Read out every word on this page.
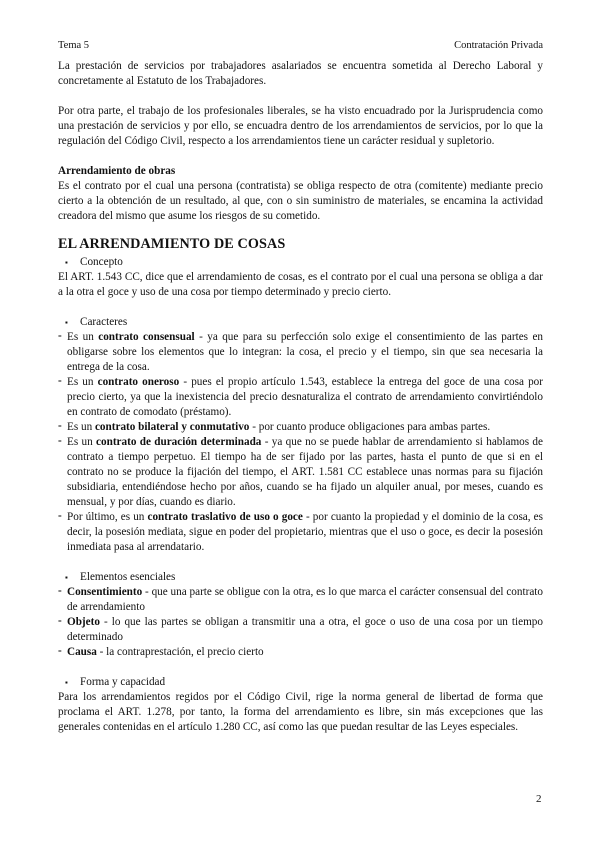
Tema 5	Contratación Privada

La prestación de servicios por trabajadores asalariados se encuentra sometida al Derecho Laboral y concretamente al Estatuto de los Trabajadores.

Por otra parte, el trabajo de los profesionales liberales, se ha visto encuadrado por la Jurisprudencia como una prestación de servicios y por ello, se encuadra dentro de los arrendamientos de servicios, por lo que la regulación del Código Civil, respecto a los arrendamientos tiene un carácter residual y supletorio.

Arrendamiento de obras

Es el contrato por el cual una persona (contratista) se obliga respecto de otra (comitente) mediante precio cierto a la obtención de un resultado, al que, con o sin suministro de materiales, se encamina la actividad creadora del mismo que asume los riesgos de su cometido.

EL ARRENDAMIENTO DE COSAS
▪ Concepto

El ART. 1.543 CC, dice que el arrendamiento de cosas, es el contrato por el cual una persona se obliga a dar a la otra el goce y uso de una cosa por tiempo determinado y precio cierto.

▪ Caracteres
- Es un contrato consensual - ya que para su perfección solo exige el consentimiento de las partes en obligarse sobre los elementos que lo integran: la cosa, el precio y el tiempo, sin que sea necesaria la entrega de la cosa.
- Es un contrato oneroso - pues el propio artículo 1.543, establece la entrega del goce de una cosa por precio cierto, ya que la inexistencia del precio desnaturaliza el contrato de arrendamiento convirtiéndolo en contrato de comodato (préstamo).
- Es un contrato bilateral y conmutativo - por cuanto produce obligaciones para ambas partes.
- Es un contrato de duración determinada - ya que no se puede hablar de arrendamiento si hablamos de contrato a tiempo perpetuo. El tiempo ha de ser fijado por las partes, hasta el punto de que si en el contrato no se produce la fijación del tiempo, el ART. 1.581 CC establece unas normas para su fijación subsidiaria, entendiéndose hecho por años, cuando se ha fijado un alquiler anual, por meses, cuando es mensual, y por días, cuando es diario.
- Por último, es un contrato traslativo de uso o goce - por cuanto la propiedad y el dominio de la cosa, es decir, la posesión mediata, sigue en poder del propietario, mientras que el uso o goce, es decir la posesión inmediata pasa al arrendatario.
▪ Elementos esenciales
- Consentimiento - que una parte se obligue con la otra, es lo que marca el carácter consensual del contrato de arrendamiento
- Objeto - lo que las partes se obligan a transmitir una a otra, el goce o uso de una cosa por un tiempo determinado
- Causa - la contraprestación, el precio cierto
▪ Forma y capacidad

Para los arrendamientos regidos por el Código Civil, rige la norma general de libertad de forma que proclama el ART. 1.278, por tanto, la forma del arrendamiento es libre, sin más excepciones que las generales contenidas en el artículo 1.280 CC, así como las que puedan resultar de las Leyes especiales.

2
